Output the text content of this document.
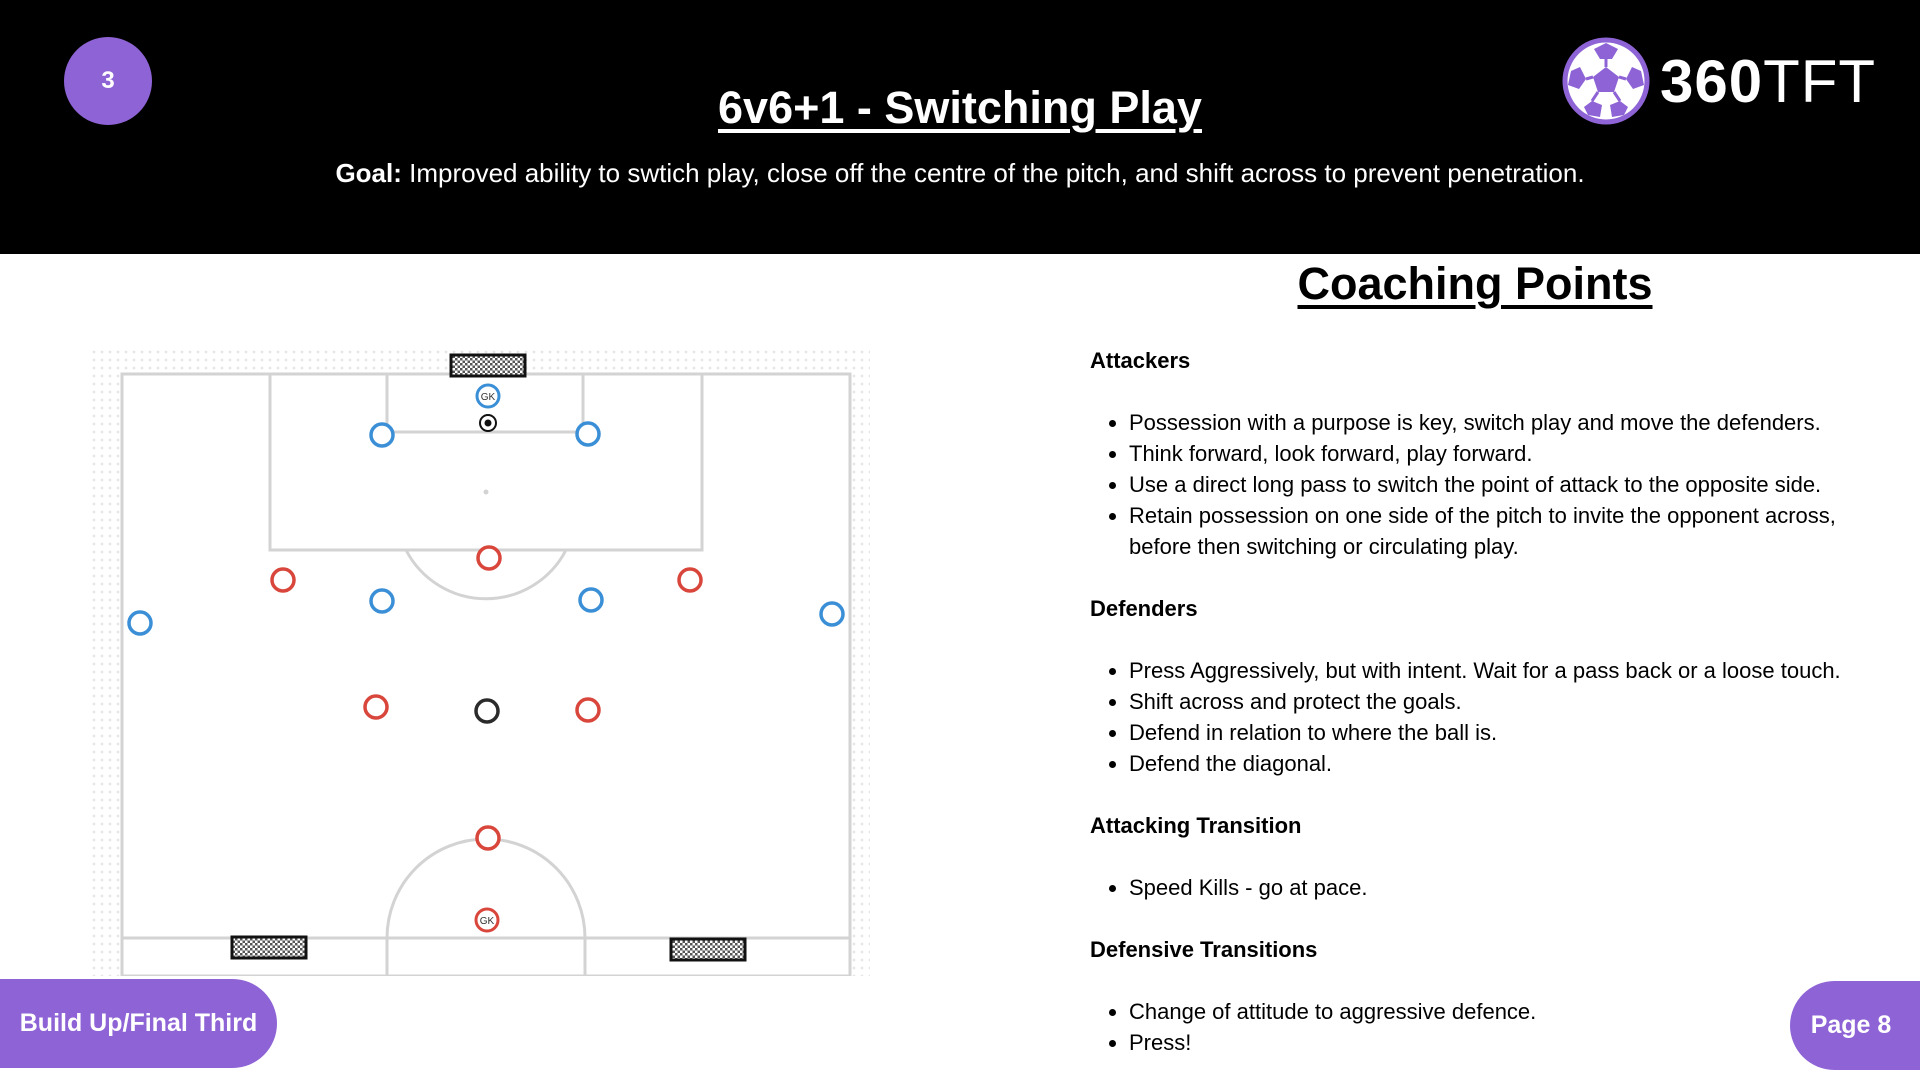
3
6v6+1 - Switching Play
Goal: Improved ability to swtich play, close off the centre of the pitch, and shift across to prevent penetration.
360TFT
GK
GK
Coaching Points
Attackers
• Possession with a purpose is key, switch play and move the defenders.
• Think forward, look forward, play forward.
• Use a direct long pass to switch the point of attack to the opposite side.
• Retain possession on one side of the pitch to invite the opponent across, before then switching or circulating play.
Defenders
• Press Aggressively, but with intent. Wait for a pass back or a loose touch.
• Shift across and protect the goals.
• Defend in relation to where the ball is.
• Defend the diagonal.
Attacking Transition
• Speed Kills - go at pace.
Defensive Transitions
• Change of attitude to aggressive defence.
• Press!
Build Up/Final Third	Page 8
